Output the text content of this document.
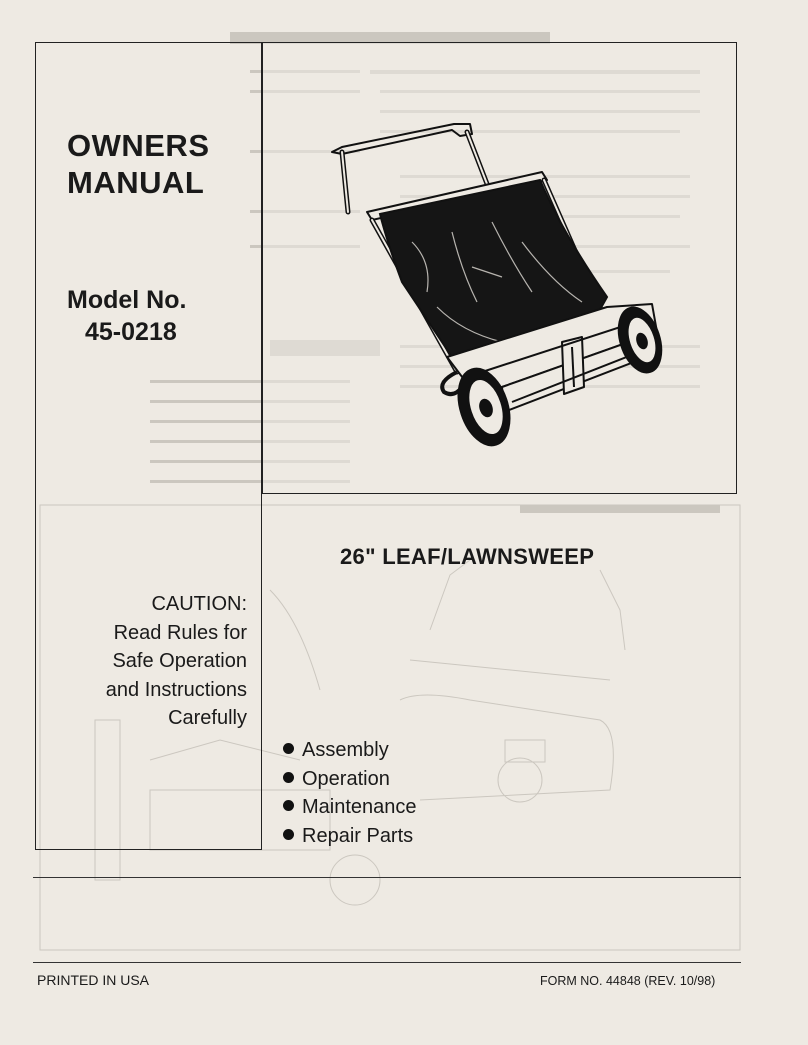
OWNERS
MANUAL
Model No.
45-0218
CAUTION:
Read Rules for
Safe Operation
and Instructions
Carefully
26" LEAF/LAWNSWEEP
Assembly
Operation
Maintenance
Repair Parts
PRINTED IN USA	FORM NO. 44848 (REV. 10/98)
